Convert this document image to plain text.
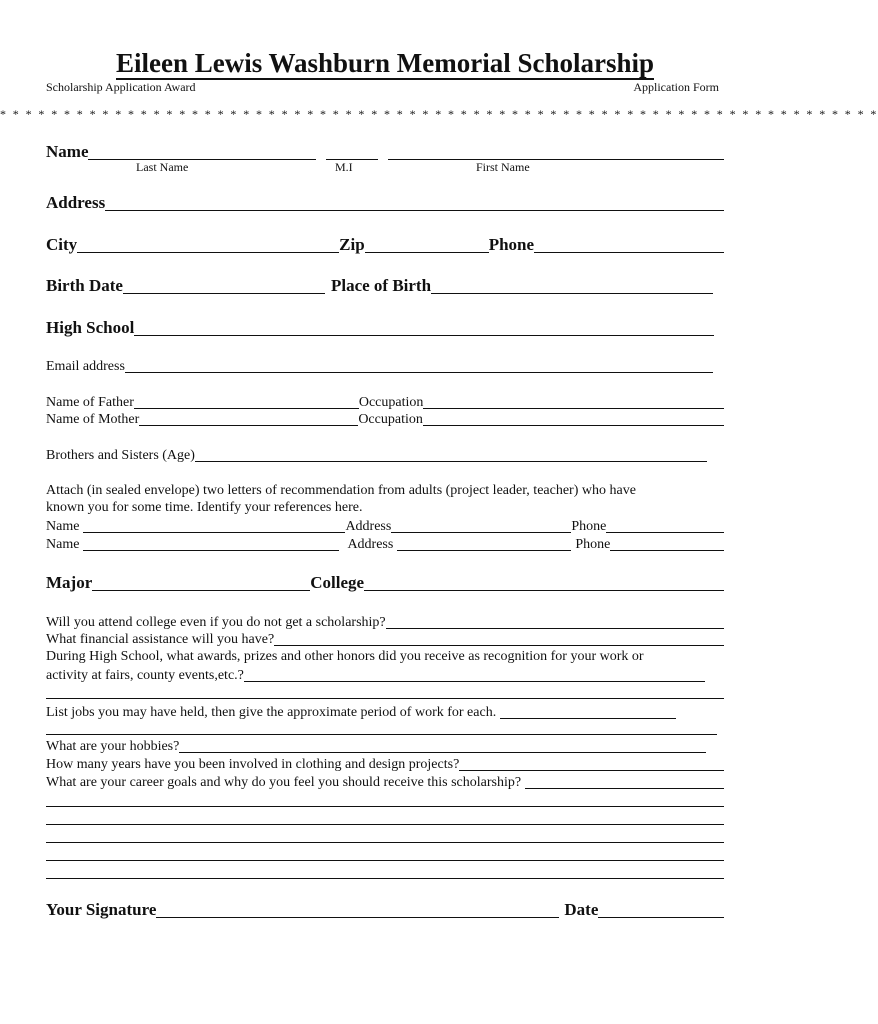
Eileen Lewis Washburn Memorial Scholarship
Scholarship Application Award	Application Form
* * * * * * * * * * * * * * * * * * * * * * * * * * * * * * * * * * * * * * * * * * * * * * * * * * * * * * * * * * * * * * * * * * * * *
Name
Last Name	M.I	First Name
Address
City	Zip	Phone
Birth Date	Place of Birth
High School
Email address
Name of Father	Occupation
Name of Mother	Occupation
Brothers and Sisters (Age)
Attach (in sealed envelope) two letters of recommendation from adults (project leader, teacher) who have
known you for some time. Identify your references here.
Name	Address	Phone
Name	Address	Phone
Major	College
Will you attend college even if you do not get a scholarship?
What financial assistance will you have?
During High School, what awards, prizes and other honors did you receive as recognition for your work or
activity at fairs, county events,etc.?
List jobs you may have held, then give the approximate period of work for each.
What are your hobbies?
How many years have you been involved in clothing and design projects?
What are your career goals and why do you feel you should receive this scholarship?
Your Signature	Date
